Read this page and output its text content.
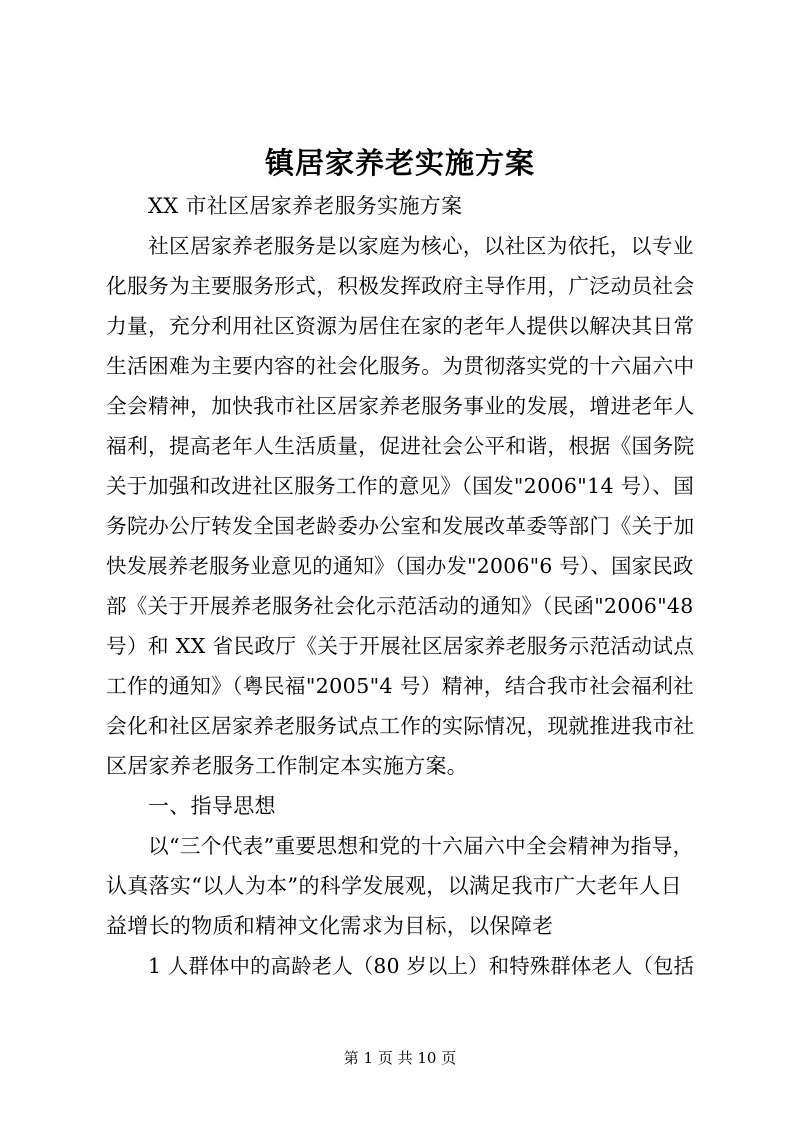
镇居家养老实施方案
XX 市社区居家养老服务实施方案
社区居家养老服务是以家庭为核心，以社区为依托，以专业
化服务为主要服务形式，积极发挥政府主导作用，广泛动员社会
力量，充分利用社区资源为居住在家的老年人提供以解决其日常
生活困难为主要内容的社会化服务。为贯彻落实党的十六届六中
全会精神，加快我市社区居家养老服务事业的发展，增进老年人
福利，提高老年人生活质量，促进社会公平和谐，根据《国务院
关于加强和改进社区服务工作的意见》（国发"2006"14 号）、国
务院办公厅转发全国老龄委办公室和发展改革委等部门《关于加
快发展养老服务业意见的通知》（国办发"2006"6 号）、国家民政
部《关于开展养老服务社会化示范活动的通知》（民函"2006"48
号）和 XX 省民政厅《关于开展社区居家养老服务示范活动试点
工作的通知》（粤民福"2005"4 号）精神，结合我市社会福利社
会化和社区居家养老服务试点工作的实际情况，现就推进我市社
区居家养老服务工作制定本实施方案。
一、指导思想
以“三个代表”重要思想和党的十六届六中全会精神为指导，
认真落实“以人为本”的科学发展观，以满足我市广大老年人日
益增长的物质和精神文化需求为目标，以保障老
1 人群体中的高龄老人（80 岁以上）和特殊群体老人（包括
第 1 页 共 10 页
